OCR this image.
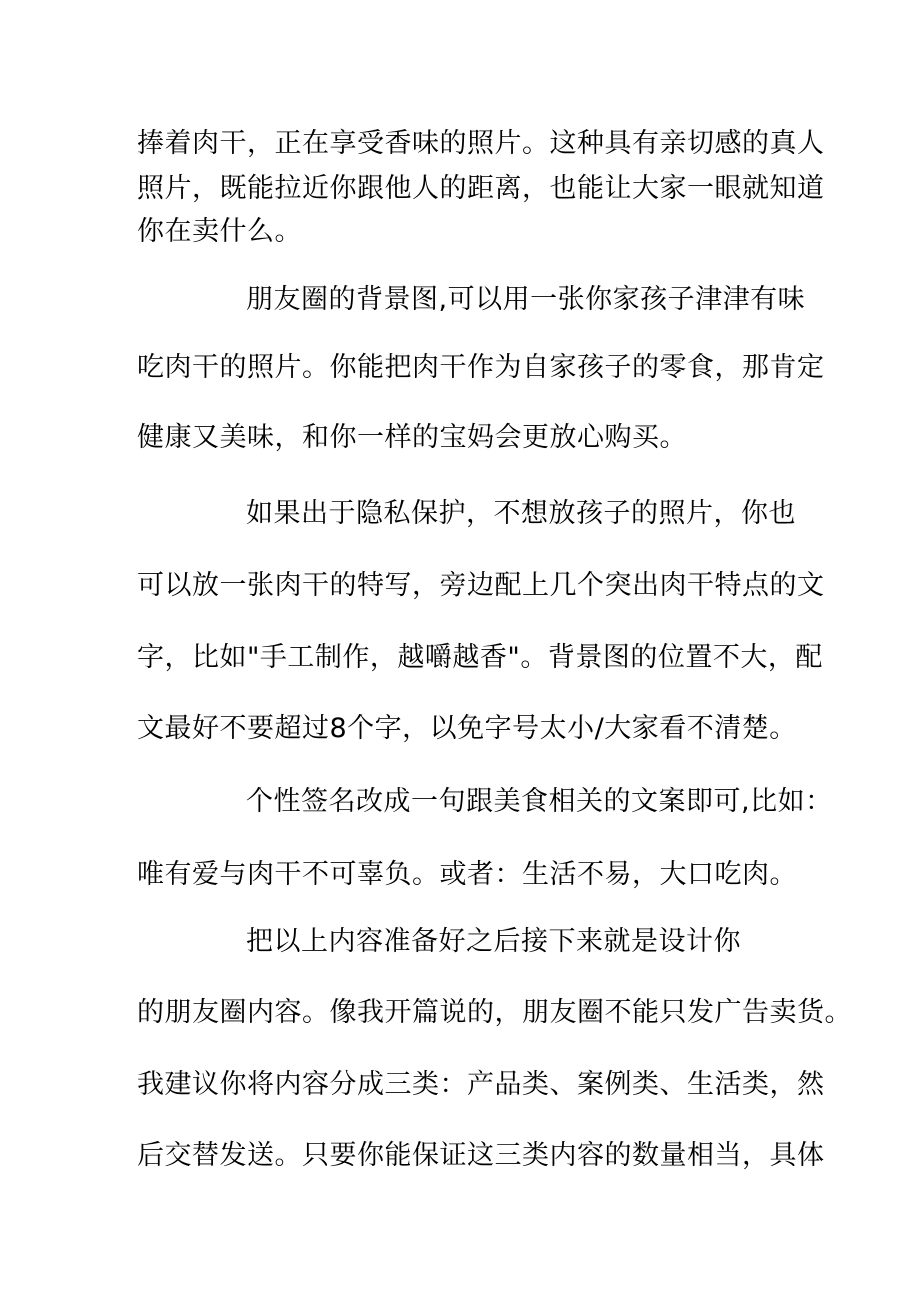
捧着肉干，正在享受香味的照片。这种具有亲切感的真人
照片，既能拉近你跟他人的距离，也能让大家一眼就知道
你在卖什么。
朋友圈的背景图,可以用一张你家孩子津津有味
吃肉干的照片。你能把肉干作为自家孩子的零食，那肯定
健康又美味，和你一样的宝妈会更放心购买。
如果出于隐私保护，不想放孩子的照片，你也
可以放一张肉干的特写，旁边配上几个突出肉干特点的文
字，比如"手工制作，越嚼越香"。背景图的位置不大，配
文最好不要超过8个字，以免字号太小/大家看不清楚。
个性签名改成一句跟美食相关的文案即可,比如：
唯有爱与肉干不可辜负。或者：生活不易，大口吃肉。
把以上内容准备好之后接下来就是设计你
的朋友圈内容。像我开篇说的，朋友圈不能只发广告卖货。
我建议你将内容分成三类：产品类、案例类、生活类，然
后交替发送。只要你能保证这三类内容的数量相当，具体
